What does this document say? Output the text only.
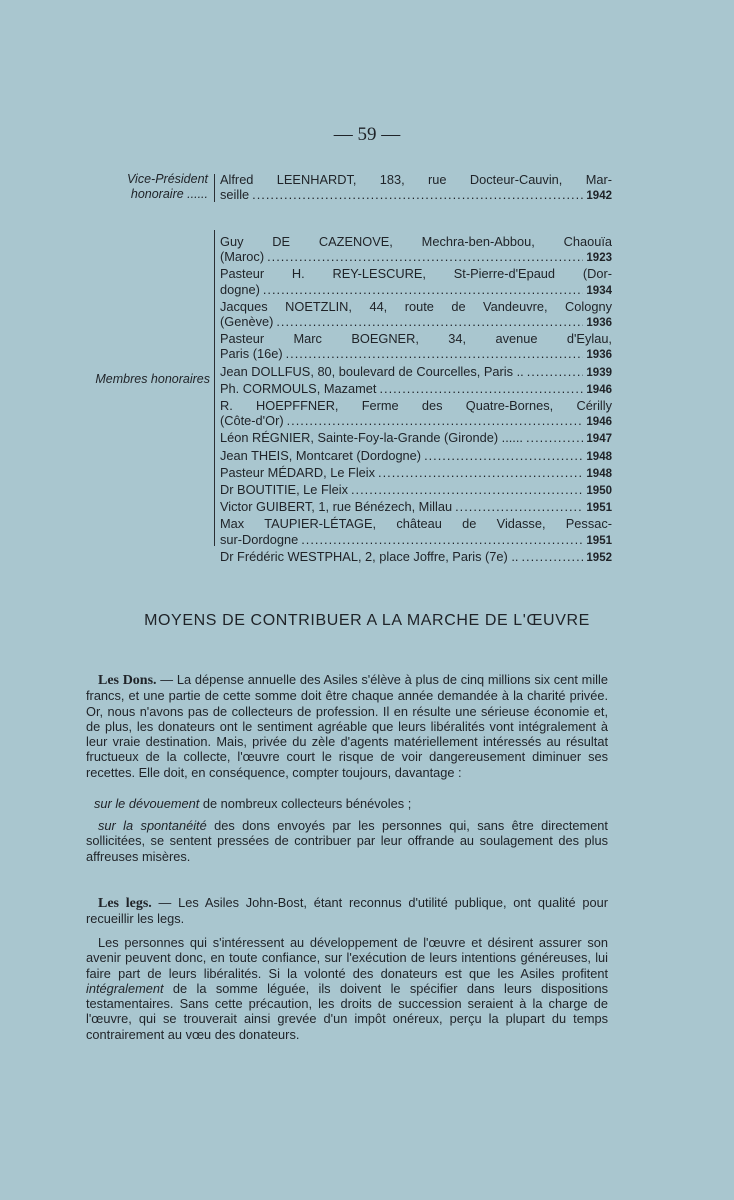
— 59 —
Vice-Président
honoraire ......
Alfred LEENHARDT, 183, rue Docteur-Cauvin, Mar-
seille .....	1942
Membres honoraires
Guy DE CAZENOVE, Mechra-ben-Abbou, Chaouïa
(Maroc) .....	1923
Pasteur H. REY-LESCURE, St-Pierre-d'Epaud (Dor-
dogne) .....	1934
Jacques NOETZLIN, 44, route de Vandeuvre, Cologny
(Genève) .....	1936
Pasteur Marc BOEGNER, 34, avenue d'Eylau,
Paris (16e) .....	1936
Jean DOLLFUS, 80, boulevard de Courcelles, Paris .. .....	1939
Ph. CORMOULS, Mazamet .....	1946
R. HOEPFFNER, Ferme des Quatre-Bornes, Cérilly
(Côte-d'Or) .....	1946
Léon RÉGNIER, Sainte-Foy-la-Grande (Gironde) ...... .....	1947
Jean THEIS, Montcaret (Dordogne) .....	1948
Pasteur MÉDARD, Le Fleix .....	1948
Dr BOUTITIE, Le Fleix .....	1950
Victor GUIBERT, 1, rue Bénézech, Millau .....	1951
Max TAUPIER-LÉTAGE, château de Vidasse, Pessac-
sur-Dordogne .....	1951
Dr Frédéric WESTPHAL, 2, place Joffre, Paris (7e) .. .....	1952
MOYENS DE CONTRIBUER A LA MARCHE DE L'ŒUVRE
Les Dons. — La dépense annuelle des Asiles s'élève à plus de cinq millions six cent mille francs, et une partie de cette somme doit être chaque année demandée à la charité privée. Or, nous n'avons pas de collecteurs de profession. Il en résulte une sérieuse économie et, de plus, les donateurs ont le sentiment agréable que leurs libéralités vont intégralement à leur vraie destination. Mais, privée du zèle d'agents matériellement intéressés au résultat fructueux de la collecte, l'œuvre court le risque de voir dangereusement diminuer ses recettes. Elle doit, en conséquence, compter toujours, davantage :
sur le dévouement de nombreux collecteurs bénévoles ;
sur la spontanéité des dons envoyés par les personnes qui, sans être directement sollicitées, se sentent pressées de contribuer par leur offrande au soulagement des plus affreuses misères.
Les legs. — Les Asiles John-Bost, étant reconnus d'utilité publique, ont qualité pour recueillir les legs.
Les personnes qui s'intéressent au développement de l'œuvre et désirent assurer son avenir peuvent donc, en toute confiance, sur l'exécution de leurs intentions généreuses, lui faire part de leurs libéralités. Si la volonté des donateurs est que les Asiles profitent intégralement de la somme léguée, ils doivent le spécifier dans leurs dispositions testamentaires. Sans cette précaution, les droits de succession seraient à la charge de l'œuvre, qui se trouverait ainsi grevée d'un impôt onéreux, perçu la plupart du temps contrairement au vœu des donateurs.
